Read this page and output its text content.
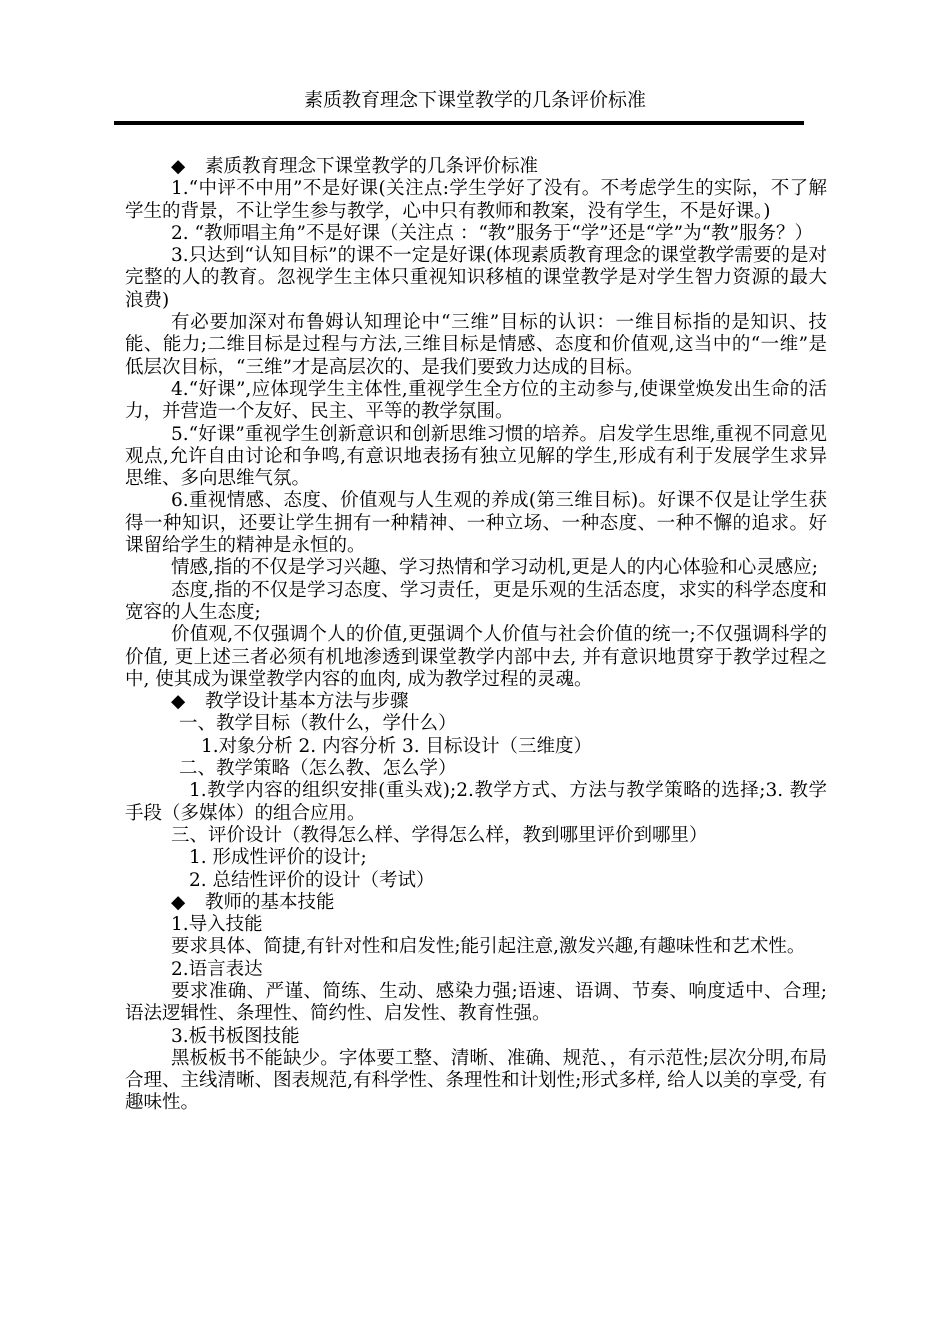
素质教育理念下课堂教学的几条评价标准

◆ 素质教育理念下课堂教学的几条评价标准

1.“中评不中用”不是好课(关注点:学生学好了没有。不考虑学生的实际，不了解学生的背景，不让学生参与教学，心中只有教师和教案，没有学生，不是好课。)

2. “教师唱主角”不是好课（关注点 ：“教”服务于“学”还是“学”为“教”服务？）

3.只达到“认知目标”的课不一定是好课(体现素质教育理念的课堂教学需要的是对完整的人的教育。忽视学生主体只重视知识移植的课堂教学是对学生智力资源的最大浪费)

有必要加深对布鲁姆认知理论中“三维”目标的认识：一维目标指的是知识、技能、能力;二维目标是过程与方法,三维目标是情感、态度和价值观,这当中的“一维”是低层次目标，“三维”才是高层次的、是我们要致力达成的目标。

4.“好课”,应体现学生主体性,重视学生全方位的主动参与,使课堂焕发出生命的活力，并营造一个友好、民主、平等的教学氛围。

5.“好课”重视学生创新意识和创新思维习惯的培养。启发学生思维,重视不同意见观点,允许自由讨论和争鸣,有意识地表扬有独立见解的学生,形成有利于发展学生求异思维、多向思维气氛。

6.重视情感、态度、价值观与人生观的养成(第三维目标)。好课不仅是让学生获得一种知识，还要让学生拥有一种精神、一种立场、一种态度、一种不懈的追求。好课留给学生的精神是永恒的。

情感,指的不仅是学习兴趣、学习热情和学习动机,更是人的内心体验和心灵感应;

态度,指的不仅是学习态度、学习责任，更是乐观的生活态度，求实的科学态度和宽容的人生态度;

价值观,不仅强调个人的价值,更强调个人价值与社会价值的统一;不仅强调科学的价值, 更上述三者必须有机地渗透到课堂教学内部中去, 并有意识地贯穿于教学过程之中, 使其成为课堂教学内容的血肉, 成为教学过程的灵魂。

◆ 教学设计基本方法与步骤

一、教学目标（教什么，学什么）

1.对象分析 2. 内容分析 3. 目标设计（三维度）

二、教学策略（怎么教、怎么学）

1.教学内容的组织安排(重头戏);2.教学方式、方法与教学策略的选择;3. 教学手段（多媒体）的组合应用。

三、评价设计（教得怎么样、学得怎么样，教到哪里评价到哪里）

1. 形成性评价的设计;

2. 总结性评价的设计（考试）

◆ 教师的基本技能

1.导入技能

要求具体、简捷,有针对性和启发性;能引起注意,激发兴趣,有趣味性和艺术性。

2.语言表达

要求准确、严谨、简练、生动、感染力强;语速、语调、节奏、响度适中、合理; 语法逻辑性、条理性、简约性、启发性、教育性强。

3.板书板图技能

黑板板书不能缺少。字体要工整、清晰、准确、规范、，有示范性;层次分明,布局合理、主线清晰、图表规范,有科学性、条理性和计划性;形式多样, 给人以美的享受, 有趣味性。
